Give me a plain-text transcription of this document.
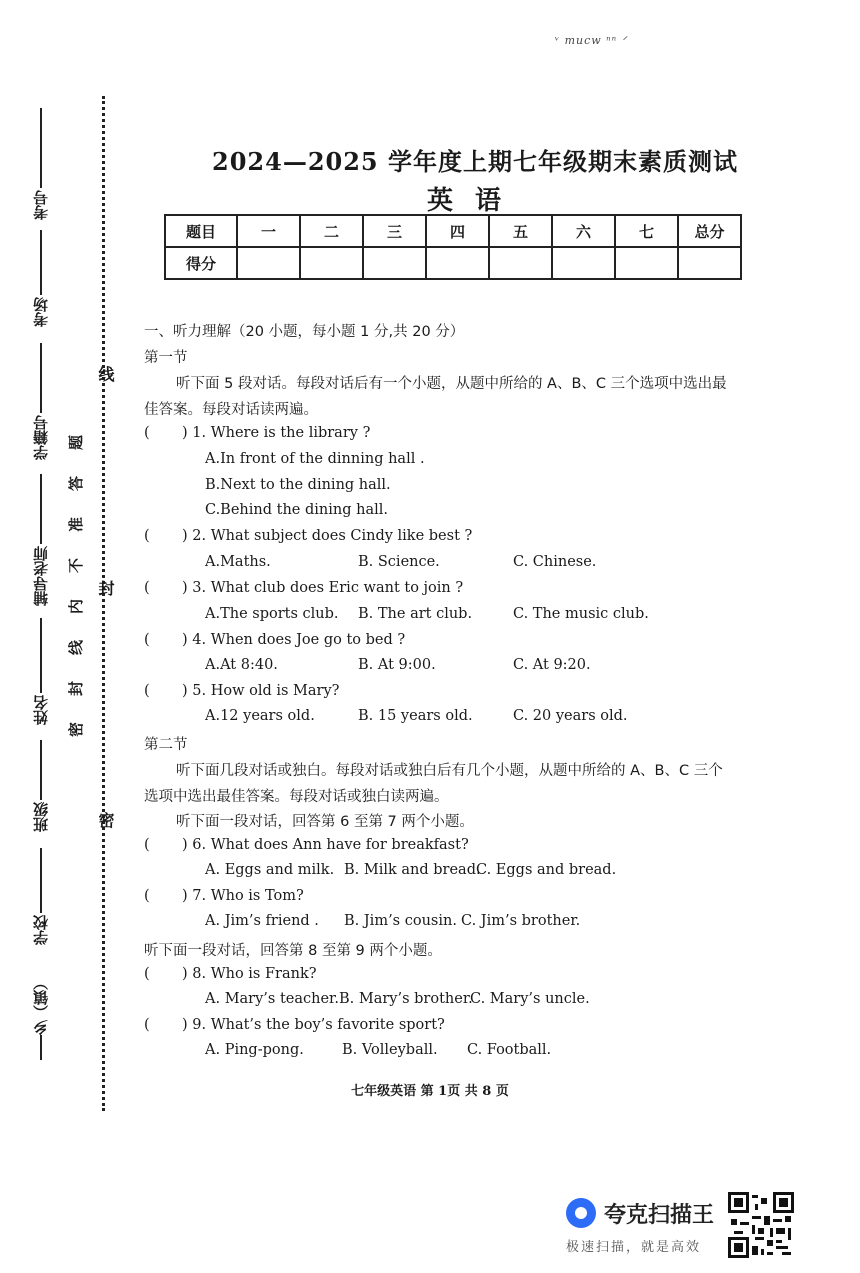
ᵛ mucw ⁿⁿ ᐟ
线
封
密
题
答
准
不
内
线
封
密
考号
考场
学籍号
辅导老师
姓名
班级
学校
乡（镇）
2024—2025 学年度上期七年级期末素质测试
英语
题目	一	二	三	四	五	六	七	总分
得分								
一、听力理解（20 小题，每小题 1 分,共 20 分）
第一节
听下面 5 段对话。每段对话后有一个小题，从题中所给的 A、B、C 三个选项中选出最
佳答案。每段对话读两遍。
( ) 1. Where is the library ?
A.In front of the dinning hall .
B.Next to the dining hall.
C.Behind the dining hall.
( ) 2. What subject does Cindy like best ?
A.Maths.	B. Science.	C. Chinese.
( ) 3. What club does Eric want to join ?
A.The sports club. B. The art club.	C. The music club.
( ) 4. When does Joe go to bed ?
A.At 8:40.	B. At 9:00.	C. At 9:20.
( ) 5. How old is Mary?
A.12 years old.	B. 15 years old.	C. 20 years old.
第二节
听下面几段对话或独白。每段对话或独白后有几个小题，从题中所给的 A、B、C 三个
选项中选出最佳答案。每段对话或独白读两遍。
听下面一段对话，回答第 6 至第 7 两个小题。
( ) 6. What does Ann have for breakfast?
A. Eggs and milk. B. Milk and bread.
C. Eggs and bread.
( ) 7. Who is Tom?
A. Jim’s friend . B. Jim’s cousin. C. Jim’s brother.
听下面一段对话，回答第 8 至第 9 两个小题。
( ) 8. Who is Frank?
A. Mary’s teacher. B. Mary’s brother.
C. Mary’s uncle.
( ) 9. What’s the boy’s favorite sport?
A. Ping-pong.	B. Volleyball. C. Football.
七年级英语 第 1页 共 8 页
夸克扫描王
极速扫描，就是高效
